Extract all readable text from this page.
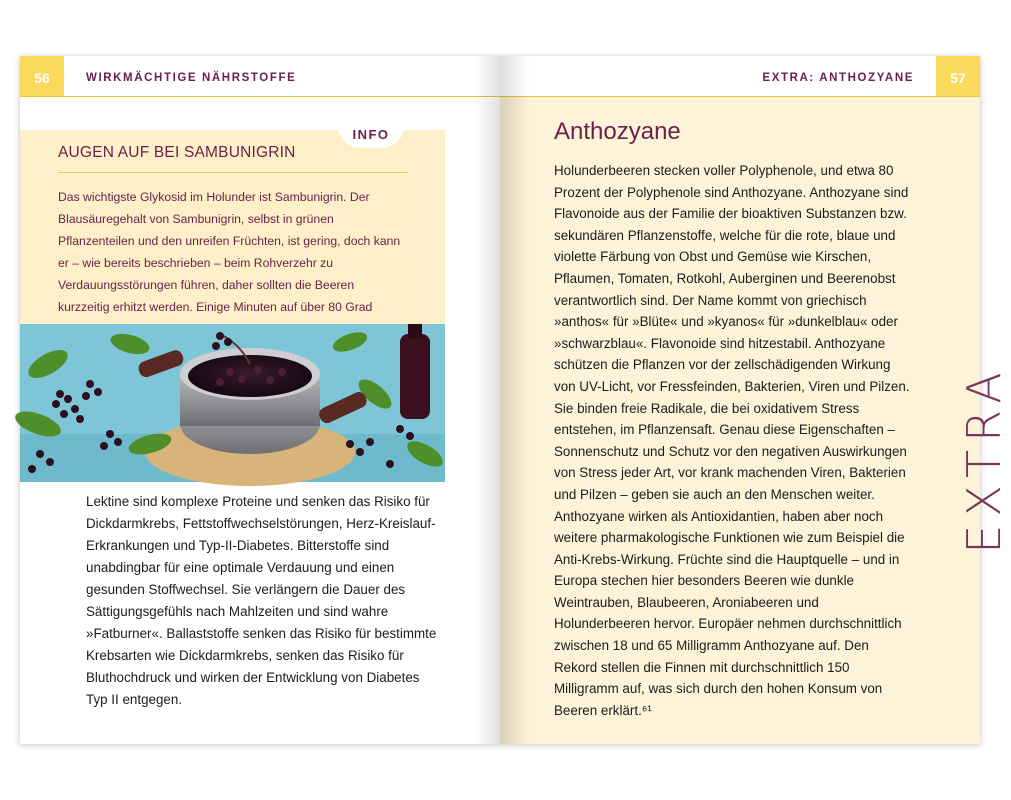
56	WIRKMÄCHTIGE NÄHRSTOFFE
INFO
AUGEN AUF BEI SAMBUNIGRIN
Das wichtigste Glykosid im Holunder ist Sambunigrin. Der Blausäuregehalt von Sambunigrin, selbst in grünen Pflanzenteilen und den unreifen Früchten, ist gering, doch kann er – wie bereits beschrieben – beim Rohverzehr zu Verdauungsstörungen führen, daher sollten die Beeren kurzzeitig erhitzt werden. Einige Minuten auf über 80 Grad
Lektine sind komplexe Proteine und senken das Risiko für Dickdarmkrebs, Fettstoffwechselstörungen, Herz-Kreislauf-Erkrankungen und Typ-II-Diabetes. Bitterstoffe sind unabdingbar für eine optimale Verdauung und einen gesunden Stoffwechsel. Sie verlängern die Dauer des Sättigungsgefühls nach Mahlzeiten und sind wahre »Fatburner«. Ballaststoffe senken das Risiko für bestimmte Krebsarten wie Dickdarmkrebs, senken das Risiko für Bluthochdruck und wirken der Entwicklung von Diabetes Typ II entgegen.
EXTRA: ANTHOZYANE	57
Anthozyane
Holunderbeeren stecken voller Polyphenole, und etwa 80 Prozent der Polyphenole sind Anthozyane. Anthozyane sind Flavonoide aus der Familie der bioaktiven Substanzen bzw. sekundären Pflanzenstoffe, welche für die rote, blaue und violette Färbung von Obst und Gemüse wie Kirschen, Pflaumen, Tomaten, Rotkohl, Auberginen und Beerenobst verantwortlich sind. Der Name kommt von griechisch »anthos« für »Blüte« und »kyanos« für »dunkelblau« oder »schwarzblau«. Flavonoide sind hitzestabil. Anthozyane schützen die Pflanzen vor der zellschädigenden Wirkung von UV-Licht, vor Fressfeinden, Bakterien, Viren und Pilzen. Sie binden freie Radikale, die bei oxidativem Stress entstehen, im Pflanzensaft. Genau diese Eigenschaften – Sonnenschutz und Schutz vor den negativen Auswirkungen von Stress jeder Art, vor krank machenden Viren, Bakterien und Pilzen – geben sie auch an den Menschen weiter. Anthozyane wirken als Antioxidantien, haben aber noch weitere pharmakologische Funktionen wie zum Beispiel die Anti-Krebs-Wirkung. Früchte sind die Hauptquelle – und in Europa stechen hier besonders Beeren wie dunkle Weintrauben, Blaubeeren, Aroniabeeren und Holunderbeeren hervor. Europäer nehmen durchschnittlich zwischen 18 und 65 Milligramm Anthozyane auf. Den Rekord stellen die Finnen mit durchschnittlich 150 Milligramm auf, was sich durch den hohen Konsum von Beeren erklärt.⁶¹
EXTRA
